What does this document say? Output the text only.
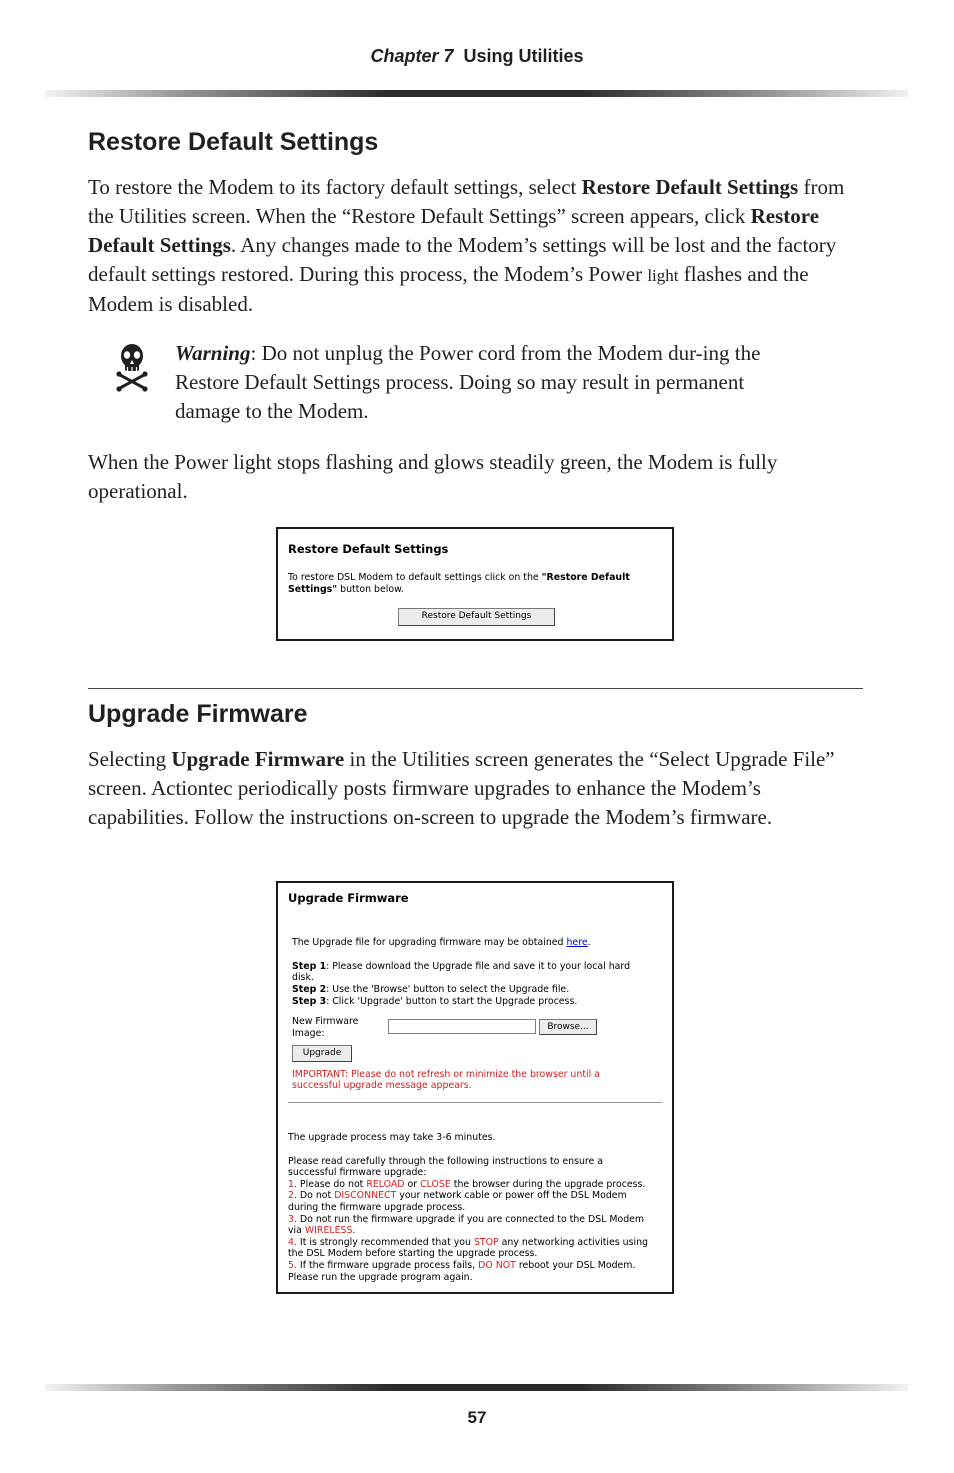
Chapter 7 Using Utilities
Restore Default Settings

To restore the Modem to its factory default settings, select Restore Default Settings from the Utilities screen. When the “Restore Default Settings” screen appears, click Restore Default Settings. Any changes made to the Modem’s settings will be lost and the factory default settings restored. During this process, the Modem’s Power light flashes and the Modem is disabled.

Warning: Do not unplug the Power cord from the Modem dur-ing the Restore Default Settings process. Doing so may result in permanent damage to the Modem.

When the Power light stops flashing and glows steadily green, the Modem is fully operational.

Restore Default Settings
To restore DSL Modem to default settings click on the "Restore Default
Settings" button below.
Restore Default Settings
Upgrade Firmware

Selecting Upgrade Firmware in the Utilities screen generates the “Select Upgrade File” screen. Actiontec periodically posts firmware upgrades to enhance the Modem’s capabilities. Follow the instructions on-screen to upgrade the Modem’s firmware.

Upgrade Firmware
The Upgrade file for upgrading firmware may be obtained here.
Step 1: Please download the Upgrade file and save it to your local hard
disk.
Step 2: Use the 'Browse' button to select the Upgrade file.
Step 3: Click 'Upgrade' button to start the Upgrade process.
New Firmware
Image:
Browse...
Upgrade
IMPORTANT: Please do not refresh or minimize the browser until a
successful upgrade message appears.
The upgrade process may take 3-6 minutes.
Please read carefully through the following instructions to ensure a
successful firmware upgrade:
1. Please do not RELOAD or CLOSE the browser during the upgrade process.
2. Do not DISCONNECT your network cable or power off the DSL Modem
during the firmware upgrade process.
3. Do not run the firmware upgrade if you are connected to the DSL Modem
via WIRELESS.
4. It is strongly recommended that you STOP any networking activities using
the DSL Modem before starting the upgrade process.
5. If the firmware upgrade process fails, DO NOT reboot your DSL Modem.
Please run the upgrade program again.
57
